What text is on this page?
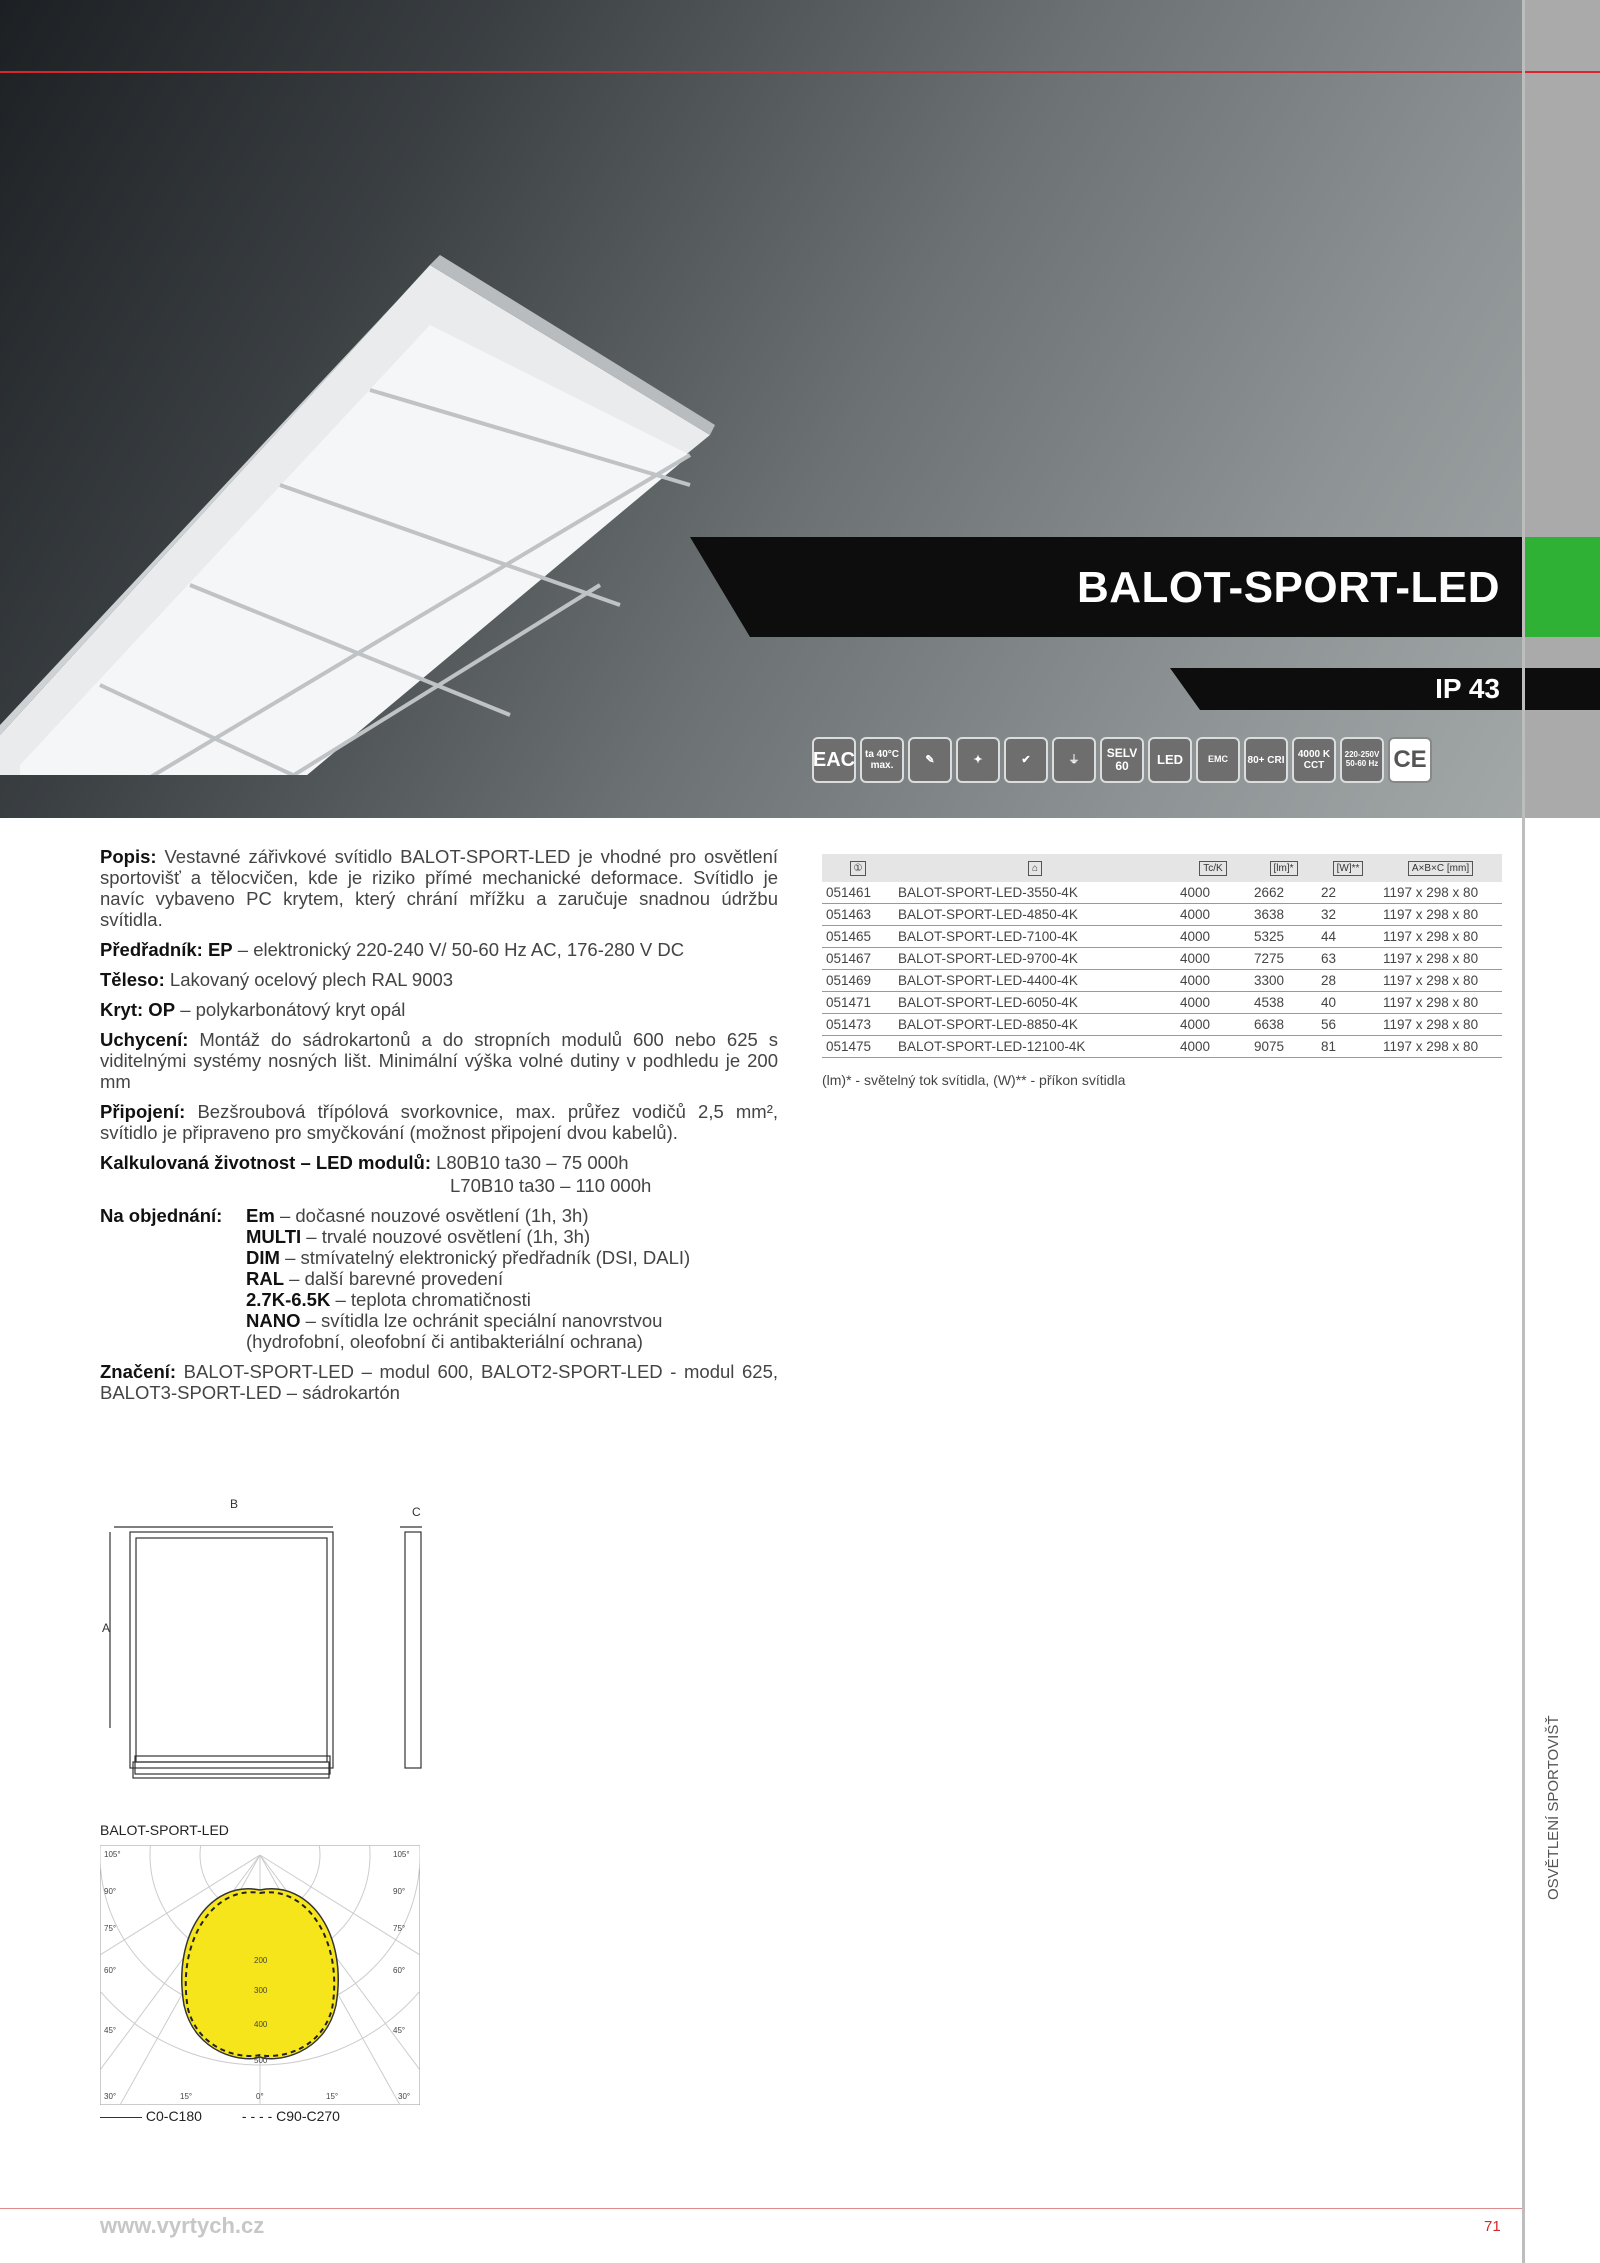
BALOT-SPORT-LED
IP 43
EAC ta 40°C max.	✎	✦	✔	⏚
SELV 60	LED	EMC	80+ CRI	4000 K CCT
220-250V 50-60 Hz CE

Popis: Vestavné zářivkové svítidlo BALOT-SPORT-LED je vhodné pro osvětlení sportovišť a tělocvičen, kde je riziko přímé mechanické deformace. Svítidlo je navíc vybaveno PC krytem, který chrání mřížku a zaručuje snadnou údržbu svítidla.

Předřadník: EP – elektronický 220-240 V/ 50-60 Hz AC, 176-280 V DC

Těleso: Lakovaný ocelový plech RAL 9003

Kryt: OP – polykarbonátový kryt opál

Uchycení: Montáž do sádrokartonů a do stropních modulů 600 nebo 625 s viditelnými systémy nosných lišt. Minimální výška volné dutiny v podhledu je 200 mm

Připojení: Bezšroubová třípólová svorkovnice, max. průřez vodičů 2,5 mm², svítidlo je připraveno pro smyčkování (možnost připojení dvou kabelů).

Kalkulovaná životnost – LED modulů: L80B10 ta30 – 75 000h

L70B10 ta30 – 110 000h

Na objednání:	Em – dočasné nouzové osvětlení (1h, 3h)
MULTI – trvalé nouzové osvětlení (1h, 3h)
DIM – stmívatelný elektronický předřadník (DSI, DALI)
RAL – další barevné provedení
2.7K-6.5K – teplota chromatičnosti
NANO – svítidla lze ochránit speciální nanovrstvou (hydrofobní, oleofobní či antibakteriální ochrana)

Značení: BALOT-SPORT-LED – modul 600, BALOT2-SPORT-LED - modul 625, BALOT3-SPORT-LED – sádrokartón

①	⌂	Tc/K	[lm]*	[W]**	A×B×C [mm]
051461	BALOT-SPORT-LED-3550-4K	4000	2662	22	1197 x 298 x 80
051463	BALOT-SPORT-LED-4850-4K	4000	3638	32	1197 x 298 x 80
051465	BALOT-SPORT-LED-7100-4K	4000	5325	44	1197 x 298 x 80
051467	BALOT-SPORT-LED-9700-4K	4000	7275	63	1197 x 298 x 80
051469	BALOT-SPORT-LED-4400-4K	4000	3300	28	1197 x 298 x 80
051471	BALOT-SPORT-LED-6050-4K	4000	4538	40	1197 x 298 x 80
051473	BALOT-SPORT-LED-8850-4K	4000	6638	56	1197 x 298 x 80
051475	BALOT-SPORT-LED-12100-4K	4000	9075	81	1197 x 298 x 80
(lm)* - světelný tok svítidla, (W)** - příkon svítidla
B
C
A
BALOT-SPORT-LED
105°	105°
90°	90°
75°	75°
60°	60°
45°	45°
200
300
400
500
30°	15°	0°	15°	30°
——— C0-C180	- - - - C90-C270
www.vyrtych.cz	71
OSVĚTLENÍ SPORTOVIŠŤ
